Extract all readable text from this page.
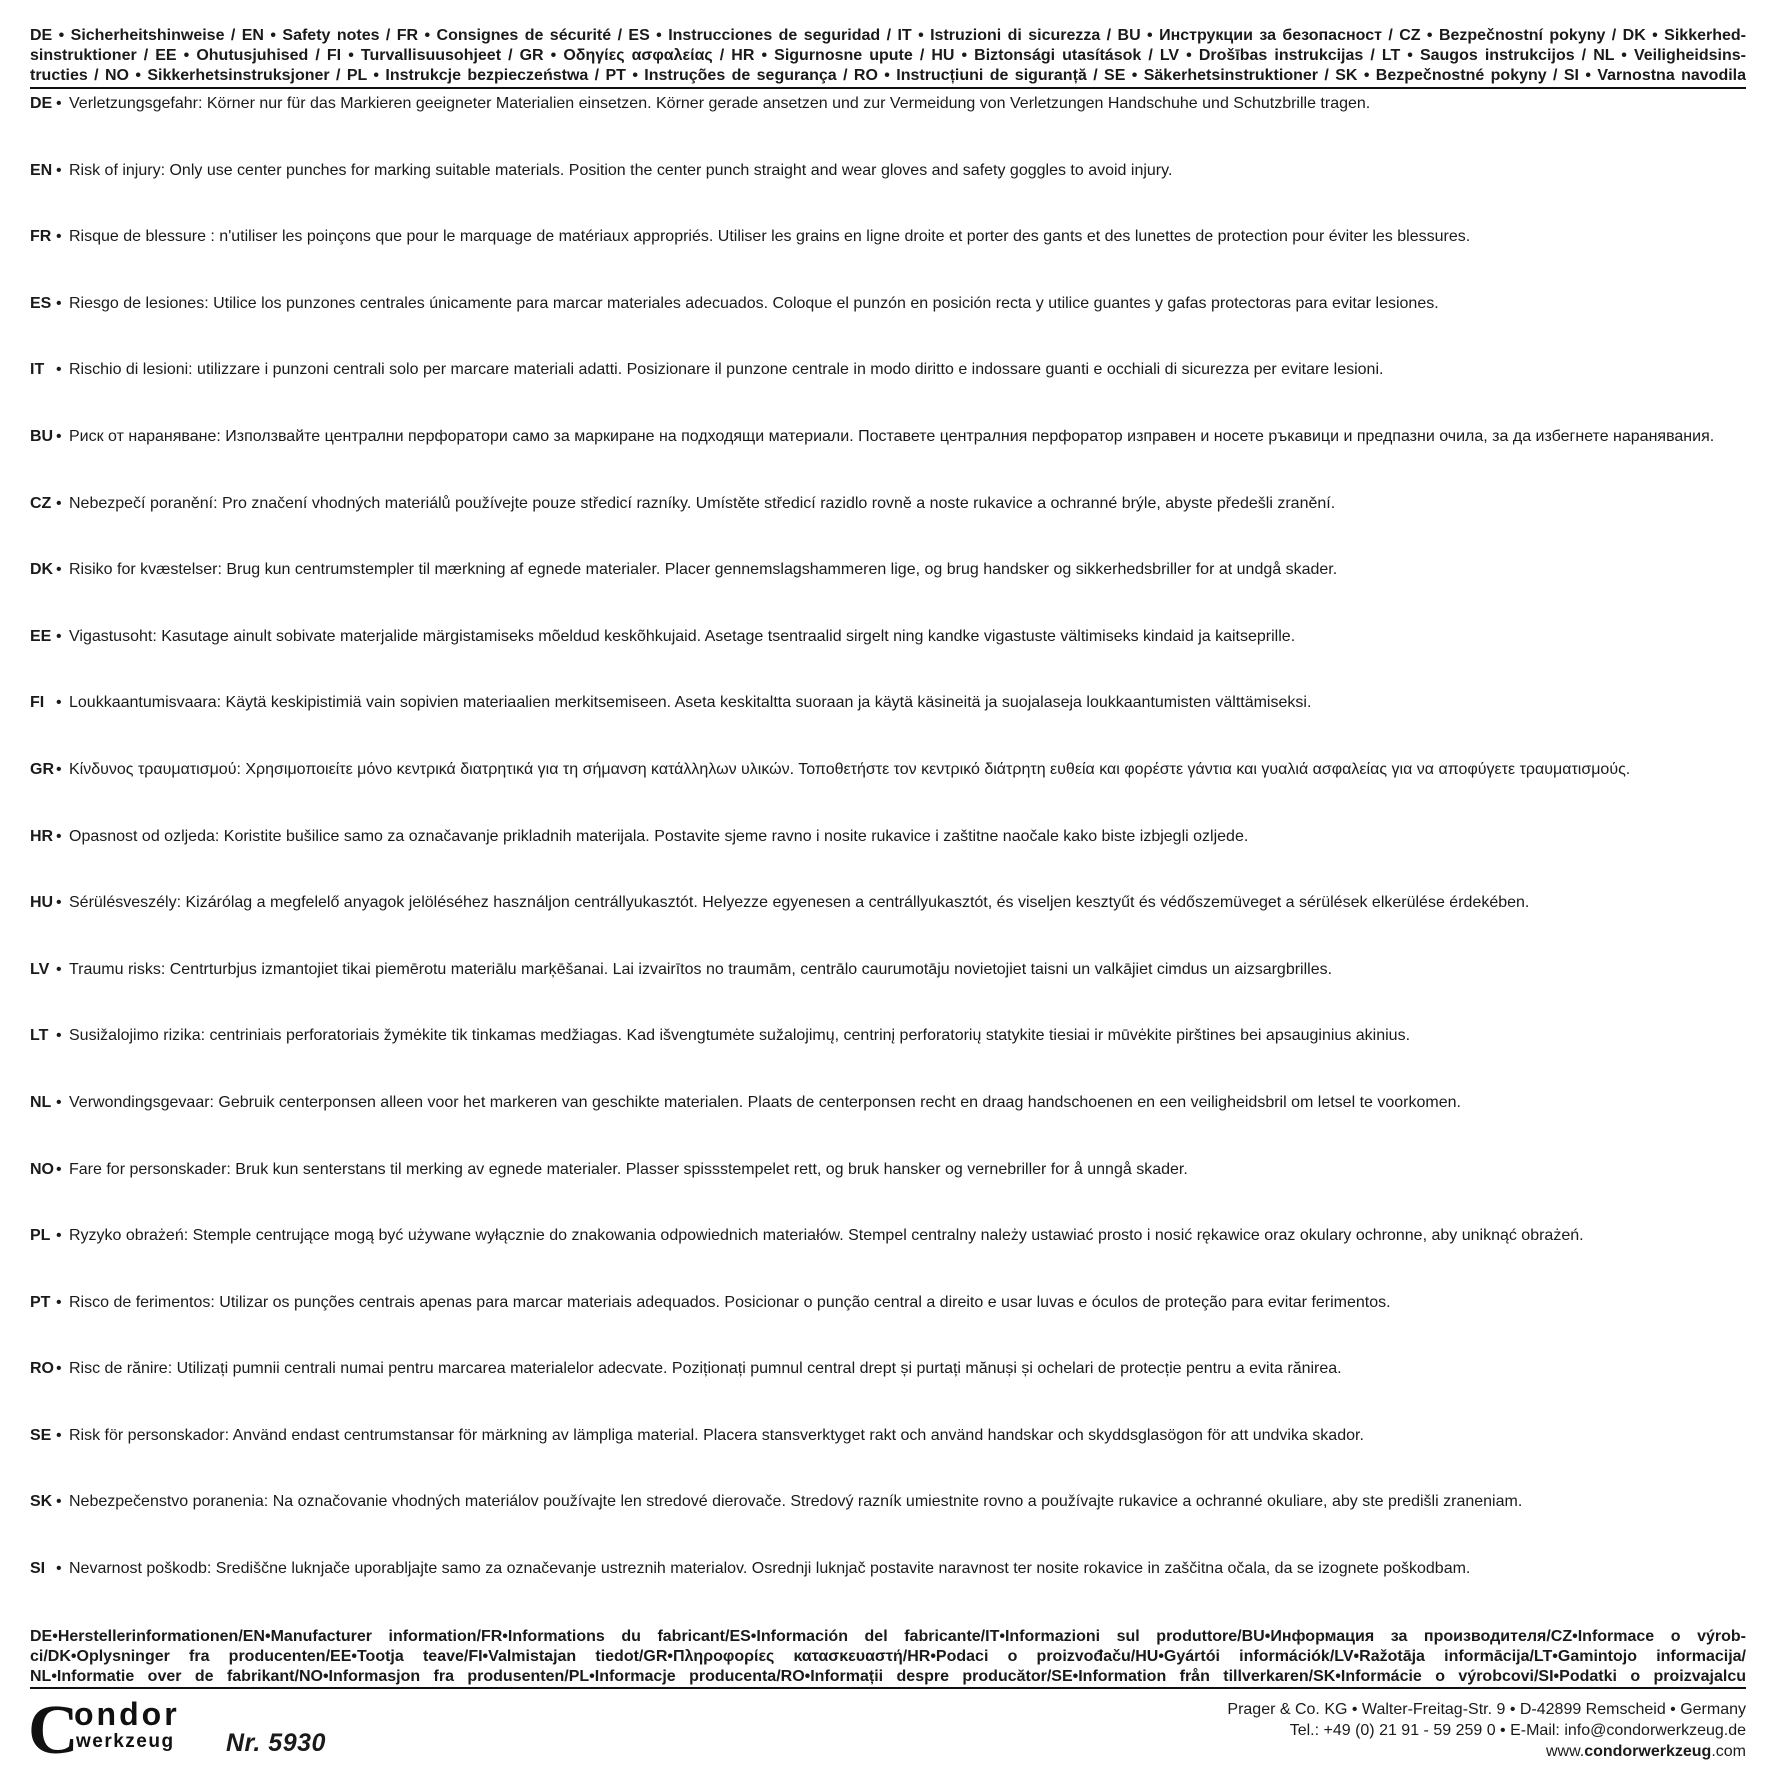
DE • Sicherheitshinweise / EN • Safety notes / FR • Consignes de sécurité / ES • Instrucciones de seguridad / IT • Istruzioni di sicurezza / BU • Инструкции за безопасност / CZ • Bezpečnostní pokyny / DK • Sikkerhed-

sinstruktioner / EE • Ohutusjuhised / FI • Turvallisuusohjeet / GR • Οδηγίες ασφαλείας / HR • Sigurnosne upute / HU • Biztonsági utasítások / LV • Drošības instrukcijas / LT • Saugos instrukcijos / NL • Veiligheidsins-

tructies / NO • Sikkerhetsinstruksjoner / PL • Instrukcje bezpieczeństwa / PT • Instruções de segurança / RO • Instrucțiuni de siguranță / SE • Säkerhetsinstruktioner / SK • Bezpečnostné pokyny / SI • Varnostna navodila

DE • Verletzungsgefahr: Körner nur für das Markieren geeigneter Materialien einsetzen. Körner gerade ansetzen und zur Vermeidung von Verletzungen Handschuhe und Schutzbrille tragen.
EN • Risk of injury: Only use center punches for marking suitable materials. Position the center punch straight and wear gloves and safety goggles to avoid injury.
FR • Risque de blessure : n'utiliser les poinçons que pour le marquage de matériaux appropriés. Utiliser les grains en ligne droite et porter des gants et des lunettes de protection pour éviter les blessures.
ES • Riesgo de lesiones: Utilice los punzones centrales únicamente para marcar materiales adecuados. Coloque el punzón en posición recta y utilice guantes y gafas protectoras para evitar lesiones.
IT • Rischio di lesioni: utilizzare i punzoni centrali solo per marcare materiali adatti. Posizionare il punzone centrale in modo diritto e indossare guanti e occhiali di sicurezza per evitare lesioni.
BU • Риск от нараняване: Използвайте централни перфоратори само за маркиране на подходящи материали. Поставете централния перфоратор изправен и носете ръкавици и предпазни очила, за да избегнете наранявания.
CZ • Nebezpečí poranění: Pro značení vhodných materiálů používejte pouze středicí razníky. Umístěte středicí razidlo rovně a noste rukavice a ochranné brýle, abyste předešli zranění.
DK • Risiko for kvæstelser: Brug kun centrumstempler til mærkning af egnede materialer. Placer gennemslagshammeren lige, og brug handsker og sikkerhedsbriller for at undgå skader.
EE • Vigastusoht: Kasutage ainult sobivate materjalide märgistamiseks mõeldud keskõhkujaid. Asetage tsentraalid sirgelt ning kandke vigastuste vältimiseks kindaid ja kaitseprille.
FI • Loukkaantumisvaara: Käytä keskipistimiä vain sopivien materiaalien merkitsemiseen. Aseta keskitaltta suoraan ja käytä käsineitä ja suojalaseja loukkaantumisten välttämiseksi.
GR • Κίνδυνος τραυματισμού: Χρησιμοποιείτε μόνο κεντρικά διατρητικά για τη σήμανση κατάλληλων υλικών. Τοποθετήστε τον κεντρικό διάτρητη ευθεία και φορέστε γάντια και γυαλιά ασφαλείας για να αποφύγετε τραυματισμούς.
HR • Opasnost od ozljeda: Koristite bušilice samo za označavanje prikladnih materijala. Postavite sjeme ravno i nosite rukavice i zaštitne naočale kako biste izbjegli ozljede.
HU • Sérülésveszély: Kizárólag a megfelelő anyagok jelöléséhez használjon centrállyukasztót. Helyezze egyenesen a centrállyukasztót, és viseljen kesztyűt és védőszemüveget a sérülések elkerülése érdekében.
LV • Traumu risks: Centrturbjus izmantojiet tikai piemērotu materiālu marķēšanai. Lai izvairītos no traumām, centrālo caurumotāju novietojiet taisni un valkājiet cimdus un aizsargbrilles.
LT • Susižalojimo rizika: centriniais perforatoriais žymėkite tik tinkamas medžiagas. Kad išvengtumėte sužalojimų, centrinį perforatorių statykite tiesiai ir mūvėkite pirštines bei apsauginius akinius.
NL • Verwondingsgevaar: Gebruik centerponsen alleen voor het markeren van geschikte materialen. Plaats de centerponsen recht en draag handschoenen en een veiligheidsbril om letsel te voorkomen.
NO • Fare for personskader: Bruk kun senterstans til merking av egnede materialer. Plasser spissstempelet rett, og bruk hansker og vernebriller for å unngå skader.
PL • Ryzyko obrażeń: Stemple centrujące mogą być używane wyłącznie do znakowania odpowiednich materiałów. Stempel centralny należy ustawiać prosto i nosić rękawice oraz okulary ochronne, aby uniknąć obrażeń.
PT • Risco de ferimentos: Utilizar os punções centrais apenas para marcar materiais adequados. Posicionar o punção central a direito e usar luvas e óculos de proteção para evitar ferimentos.
RO • Risc de rănire: Utilizați pumnii centrali numai pentru marcarea materialelor adecvate. Poziționați pumnul central drept și purtați mănuși și ochelari de protecție pentru a evita rănirea.
SE • Risk för personskador: Använd endast centrumstansar för märkning av lämpliga material. Placera stansverktyget rakt och använd handskar och skyddsglasögon för att undvika skador.
SK • Nebezpečenstvo poranenia: Na označovanie vhodných materiálov používajte len stredové dierovače. Stredový razník umiestnite rovno a používajte rukavice a ochranné okuliare, aby ste predišli zraneniam.
SI • Nevarnost poškodb: Središčne luknjače uporabljajte samo za označevanje ustreznih materialov. Osrednji luknjač postavite naravnost ter nosite rokavice in zaščitna očala, da se izognete poškodbam.

DE•Herstellerinformationen/EN•Manufacturer information/FR•Informations du fabricant/ES•Información del fabricante/IT•Informazioni sul produttore/BU•Информация за производителя/CZ•Informace o výrob-

ci/DK•Oplysninger fra producenten/EE•Tootja teave/FI•Valmistajan tiedot/GR•Πληροφορίες κατασκευαστή/HR•Podaci o proizvođaču/HU•Gyártói információk/LV•Ražotāja informācija/LT•Gamintojo informacija/

NL•Informatie over de fabrikant/NO•Informasjon fra produsenten/PL•Informacje producenta/RO•Informații despre producător/SE•Information från tillverkaren/SK•Informácie o výrobcovi/SI•Podatki o proizvajalcu

C
ondor
werkzeug Nr. 5930
Prager & Co. KG • Walter-Freitag-Str. 9 • D-42899 Remscheid • Germany
Tel.: +49 (0) 21 91 - 59 259 0 • E-Mail: info@condorwerkzeug.de
www.condorwerkzeug.com
